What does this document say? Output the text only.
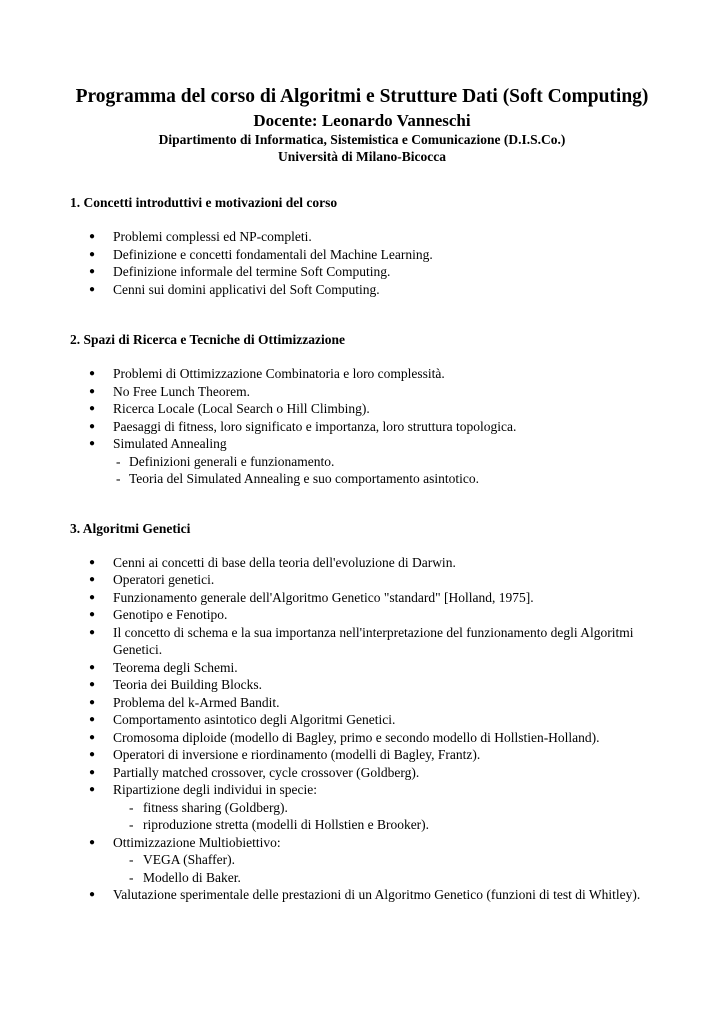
Programma del corso di Algoritmi e Strutture Dati (Soft Computing)
Docente: Leonardo Vanneschi
Dipartimento di Informatica, Sistemistica e Comunicazione (D.I.S.Co.)
Università di Milano-Bicocca
1. Concetti introduttivi e motivazioni del corso
● Problemi complessi ed NP-completi.
● Definizione e concetti fondamentali del Machine Learning.
● Definizione informale del termine Soft Computing.
● Cenni sui domini applicativi del Soft Computing.
2. Spazi di Ricerca e Tecniche di Ottimizzazione
● Problemi di Ottimizzazione Combinatoria e loro complessità.
● No Free Lunch Theorem.
● Ricerca Locale (Local Search o Hill Climbing).
● Paesaggi di fitness, loro significato e importanza, loro struttura topologica.
● Simulated Annealing
- Definizioni generali e funzionamento.
- Teoria del Simulated Annealing e suo comportamento asintotico.
3. Algoritmi Genetici
● Cenni ai concetti di base della teoria dell'evoluzione di Darwin.
● Operatori genetici.
● Funzionamento generale dell'Algoritmo Genetico "standard" [Holland, 1975].
● Genotipo e Fenotipo.
● Il concetto di schema e la sua importanza nell'interpretazione del funzionamento degli Algoritmi Genetici.
● Teorema degli Schemi.
● Teoria dei Building Blocks.
● Problema del k-Armed Bandit.
● Comportamento asintotico degli Algoritmi Genetici.
● Cromosoma diploide (modello di Bagley, primo e secondo modello di Hollstien-Holland).
● Operatori di inversione e riordinamento (modelli di Bagley, Frantz).
● Partially matched crossover, cycle crossover (Goldberg).
● Ripartizione degli individui in specie:
- fitness sharing (Goldberg).
- riproduzione stretta (modelli di Hollstien e Brooker).
● Ottimizzazione Multiobiettivo:
- VEGA (Shaffer).
- Modello di Baker.
● Valutazione sperimentale delle prestazioni di un Algoritmo Genetico (funzioni di test di Whitley).
